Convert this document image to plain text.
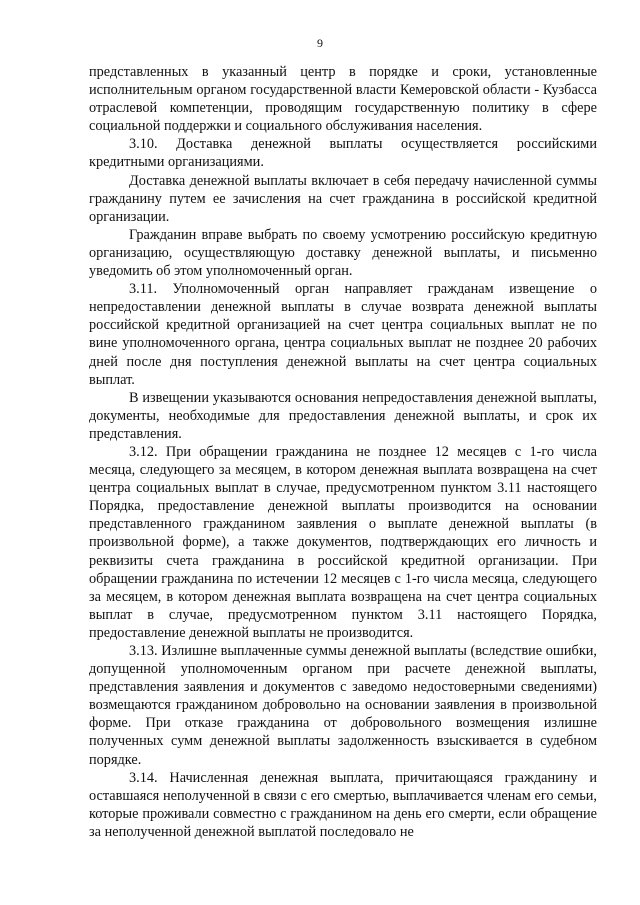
9

представленных в указанный центр в порядке и сроки, установленные исполнительным органом государственной власти Кемеровской области - Кузбасса отраслевой компетенции, проводящим государственную политику в сфере социальной поддержки и социального обслуживания населения.

3.10. Доставка денежной выплаты осуществляется российскими кредитными организациями.

Доставка денежной выплаты включает в себя передачу начисленной суммы гражданину путем ее зачисления на счет гражданина в российской кредитной организации.

Гражданин вправе выбрать по своему усмотрению российскую кредитную организацию, осуществляющую доставку денежной выплаты, и письменно уведомить об этом уполномоченный орган.

3.11. Уполномоченный орган направляет гражданам извещение о непредоставлении денежной выплаты в случае возврата денежной выплаты российской кредитной организацией на счет центра социальных выплат не по вине уполномоченного органа, центра социальных выплат не позднее 20 рабочих дней после дня поступления денежной выплаты на счет центра социальных выплат.

В извещении указываются основания непредоставления денежной выплаты, документы, необходимые для предоставления денежной выплаты, и срок их представления.

3.12. При обращении гражданина не позднее 12 месяцев с 1-го числа месяца, следующего за месяцем, в котором денежная выплата возвращена на счет центра социальных выплат в случае, предусмотренном пунктом 3.11 настоящего Порядка, предоставление денежной выплаты производится на основании представленного гражданином заявления о выплате денежной выплаты (в произвольной форме), а также документов, подтверждающих его личность и реквизиты счета гражданина в российской кредитной организации. При обращении гражданина по истечении 12 месяцев с 1-го числа месяца, следующего за месяцем, в котором денежная выплата возвращена на счет центра социальных выплат в случае, предусмотренном пунктом 3.11 настоящего Порядка, предоставление денежной выплаты не производится.

3.13. Излишне выплаченные суммы денежной выплаты (вследствие ошибки, допущенной уполномоченным органом при расчете денежной выплаты, представления заявления и документов с заведомо недостоверными сведениями) возмещаются гражданином добровольно на основании заявления в произвольной форме. При отказе гражданина от добровольного возмещения излишне полученных сумм денежной выплаты задолженность взыскивается в судебном порядке.

3.14. Начисленная денежная выплата, причитающаяся гражданину и оставшаяся неполученной в связи с его смертью, выплачивается членам его семьи, которые проживали совместно с гражданином на день его смерти, если обращение за неполученной денежной выплатой последовало не
